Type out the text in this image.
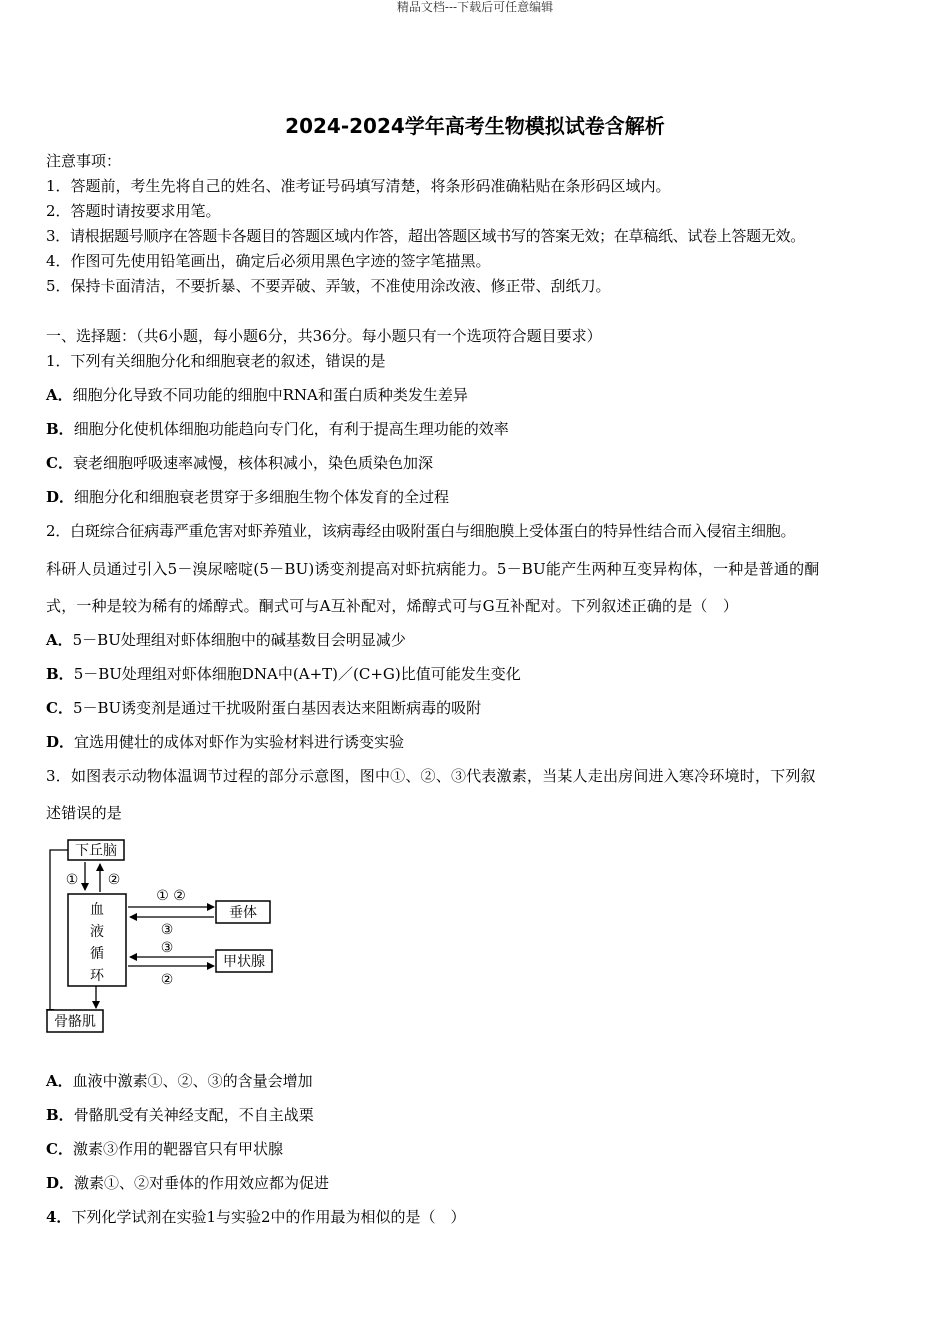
精品文档---下载后可任意编辑
2024-2024学年高考生物模拟试卷含解析
注意事项：
1．答题前，考生先将自己的姓名、准考证号码填写清楚，将条形码准确粘贴在条形码区域内。
2．答题时请按要求用笔。
3．请根据题号顺序在答题卡各题目的答题区域内作答，超出答题区域书写的答案无效；在草稿纸、试卷上答题无效。
4．作图可先使用铅笔画出，确定后必须用黑色字迹的签字笔描黑。
5．保持卡面清洁，不要折暴、不要弄破、弄皱，不准使用涂改液、修正带、刮纸刀。
一、选择题：（共6小题，每小题6分，共36分。每小题只有一个选项符合题目要求）
1．下列有关细胞分化和细胞衰老的叙述，错误的是
A．细胞分化导致不同功能的细胞中RNA和蛋白质种类发生差异
B．细胞分化使机体细胞功能趋向专门化，有利于提高生理功能的效率
C．衰老细胞呼吸速率减慢，核体积减小，染色质染色加深
D．细胞分化和细胞衰老贯穿于多细胞生物个体发育的全过程
2．白斑综合征病毒严重危害对虾养殖业，该病毒经由吸附蛋白与细胞膜上受体蛋白的特异性结合而入侵宿主细胞。
科研人员通过引入5－溴尿嘧啶(5－BU)诱变剂提高对虾抗病能力。5－BU能产生两种互变异构体，一种是普通的酮
式，一种是较为稀有的烯醇式。酮式可与A互补配对，烯醇式可与G互补配对。下列叙述正确的是（　）
A．5－BU处理组对虾体细胞中的碱基数目会明显减少
B．5－BU处理组对虾体细胞DNA中(A+T)／(C+G)比值可能发生变化
C．5－BU诱变剂是通过干扰吸附蛋白基因表达来阻断病毒的吸附
D．宜选用健壮的成体对虾作为实验材料进行诱变实验
3．如图表示动物体温调节过程的部分示意图，图中①、②、③代表激素，当某人走出房间进入寒冷环境时，下列叙
述错误的是
下丘脑
① ②
血
液
循
环
① ②
③
垂体
③
②
甲状腺
骨骼肌
A．血液中激素①、②、③的含量会增加
B．骨骼肌受有关神经支配，不自主战栗
C．激素③作用的靶器官只有甲状腺
D．激素①、②对垂体的作用效应都为促进
4．下列化学试剂在实验1与实验2中的作用最为相似的是（　）
